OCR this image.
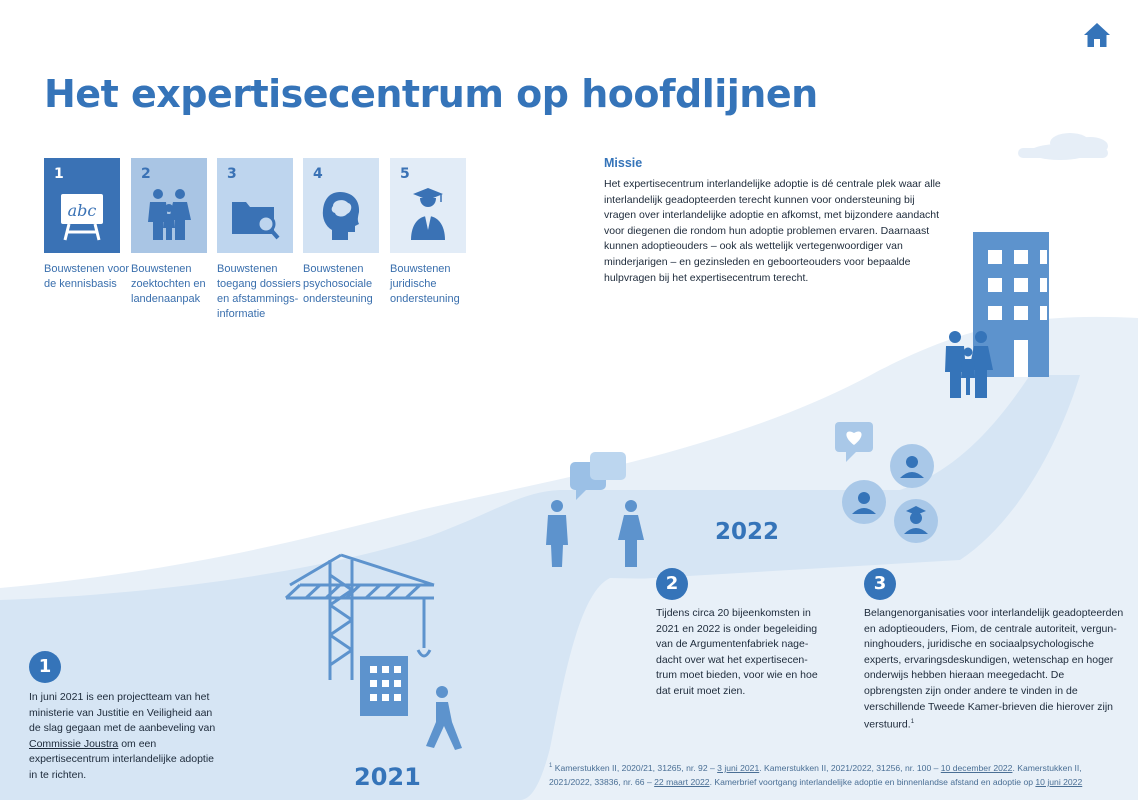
Het expertisecentrum op hoofdlijnen
1
abc
2	3	4	5
Bouwstenen voor de kennisbasis
Bouwstenen zoektochten en landenaanpak
Bouwstenen toegang dossiers en afstammings-informatie
Bouwstenen psychosociale ondersteuning
Bouwstenen juridische ondersteuning
Missie

Het expertisecentrum interlandelijke adoptie is dé centrale plek waar alle interlandelijk geadopteerden terecht kunnen voor ondersteuning bij vragen over interlandelijke adoptie en afkomst, met bijzondere aandacht voor diegenen die rondom hun adoptie problemen ervaren. Daarnaast kunnen adoptieouders – ook als wettelijk vertegenwoordiger van minderjarigen – en gezinsleden en geboorteouders voor bepaalde hulpvragen bij het expertisecentrum terecht.

2021
2022
1

In juni 2021 is een projectteam van het ministerie van Justitie en Veiligheid aan de slag gegaan met de aanbeveling van Commissie Joustra om een expertisecentrum interlandelijke adoptie in te richten.

2

Tijdens circa 20 bijeenkomsten in 2021 en 2022 is onder begeleiding van de Argumentenfabriek nage-dacht over wat het expertisecen-trum moet bieden, voor wie en hoe dat eruit moet zien.

3

Belangenorganisaties voor interlandelijk geadopteerden en adoptieouders, Fiom, de centrale autoriteit, vergun-ninghouders, juridische en sociaalpsychologische experts, ervaringsdeskundigen, wetenschap en hoger onderwijs hebben hieraan meegedacht. De opbrengsten zijn onder andere te vinden in de verschillende Tweede Kamer-brieven die hierover zijn verstuurd.$^1$

$^1$ Kamerstukken II, 2020/21, 31265, nr. 92 – 3 juni 2021. Kamerstukken II, 2021/2022, 31256, nr. 100 – 10 december 2022. Kamerstukken II, 2021/2022, 33836, nr. 66 – 22 maart 2022. Kamerbrief voortgang interlandelijke adoptie en binnenlandse afstand en adoptie op 10 juni 2022
